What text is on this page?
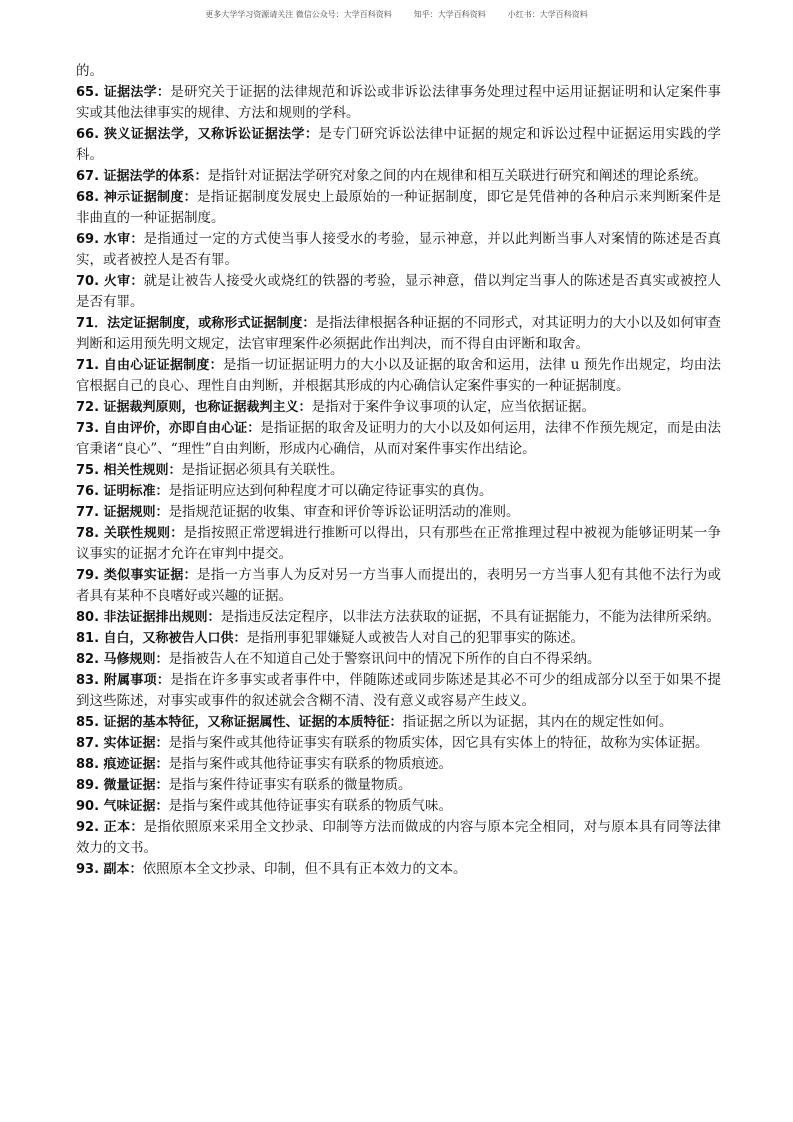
更多大学学习资源请关注 微信公众号：大学百科资料	知乎：大学百科资料	小红书：大学百科资料

的。

65. 证据法学：是研究关于证据的法律规范和诉讼或非诉讼法律事务处理过程中运用证据证明和认定案件事实或其他法律事实的规律、方法和规则的学科。

66. 狭义证据法学，又称诉讼证据法学：是专门研究诉讼法律中证据的规定和诉讼过程中证据运用实践的学科。

67. 证据法学的体系：是指针对证据法学研究对象之间的内在规律和相互关联进行研究和阐述的理论系统。

68. 神示证据制度：是指证据制度发展史上最原始的一种证据制度，即它是凭借神的各种启示来判断案件是非曲直的一种证据制度。

69. 水审：是指通过一定的方式使当事人接受水的考验，显示神意，并以此判断当事人对案情的陈述是否真实，或者被控人是否有罪。

70. 火审：就是让被告人接受火或烧红的铁器的考验，显示神意，借以判定当事人的陈述是否真实或被控人是否有罪。

71．法定证据制度，或称形式证据制度：是指法律根据各种证据的不同形式，对其证明力的大小以及如何审查判断和运用预先明文规定，法官审理案件必须据此作出判决，而不得自由评断和取舍。

71. 自由心证证据制度：是指一切证据证明力的大小以及证据的取舍和运用，法律 u 预先作出规定，均由法官根据自己的良心、理性自由判断，并根据其形成的内心确信认定案件事实的一种证据制度。

72. 证据裁判原则，也称证据裁判主义：是指对于案件争议事项的认定，应当依据证据。

73. 自由评价，亦即自由心证：是指证据的取舍及证明力的大小以及如何运用，法律不作预先规定，而是由法官秉诸“良心”、“理性”自由判断，形成内心确信，从而对案件事实作出结论。

75. 相关性规则：是指证据必须具有关联性。

76. 证明标准：是指证明应达到何种程度才可以确定待证事实的真伪。

77. 证据规则：是指规范证据的收集、审查和评价等诉讼证明活动的准则。

78. 关联性规则：是指按照正常逻辑进行推断可以得出，只有那些在正常推理过程中被视为能够证明某一争议事实的证据才允许在审判中提交。

79. 类似事实证据：是指一方当事人为反对另一方当事人而提出的，表明另一方当事人犯有其他不法行为或者具有某种不良嗜好或兴趣的证据。

80. 非法证据排出规则：是指违反法定程序，以非法方法获取的证据，不具有证据能力，不能为法律所采纳。

81. 自白，又称被告人口供：是指刑事犯罪嫌疑人或被告人对自己的犯罪事实的陈述。

82. 马修规则：是指被告人在不知道自己处于警察讯问中的情况下所作的自白不得采纳。

83. 附属事项：是指在许多事实或者事件中，伴随陈述或同步陈述是其必不可少的组成部分以至于如果不提到这些陈述，对事实或事件的叙述就会含糊不清、没有意义或容易产生歧义。

85. 证据的基本特征，又称证据属性、证据的本质特征：指证据之所以为证据，其内在的规定性如何。

87. 实体证据：是指与案件或其他待证事实有联系的物质实体，因它具有实体上的特征，故称为实体证据。

88. 痕迹证据：是指与案件或其他待证事实有联系的物质痕迹。

89. 微量证据：是指与案件待证事实有联系的微量物质。

90. 气味证据：是指与案件或其他待证事实有联系的物质气味。

92. 正本：是指依照原来采用全文抄录、印制等方法而做成的内容与原本完全相同，对与原本具有同等法律效力的文书。

93. 副本：依照原本全文抄录、印制，但不具有正本效力的文本。
